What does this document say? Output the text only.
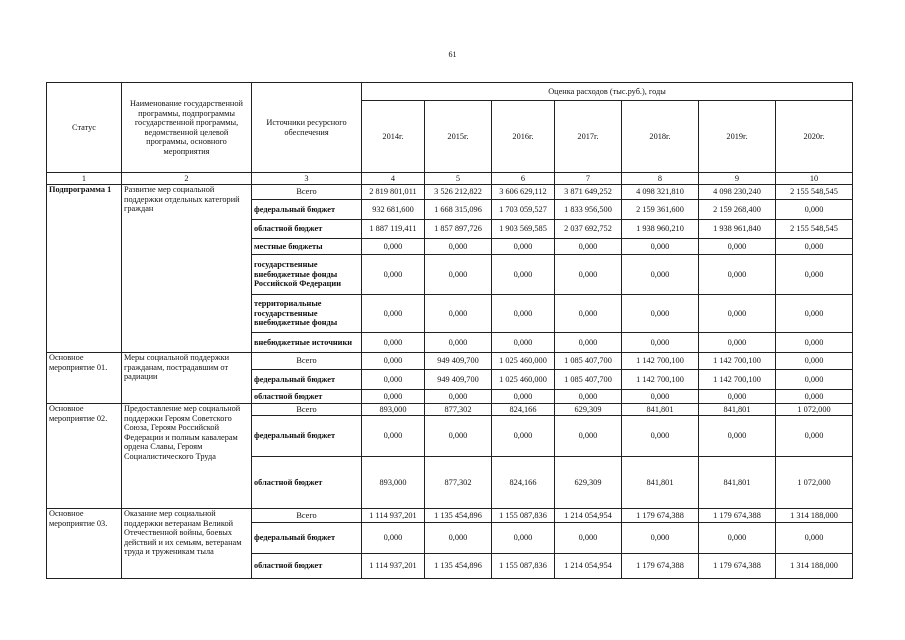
61
Статус	Наименование государственной программы, подпрограммы государственной программы, ведомственной целевой программы, основного мероприятия	Источники ресурсного обеспечения	Оценка расходов (тыс.руб.), годы						
			2014г.	2015г.	2016г.	2017г.	2018г.	2019г.	2020г.
1	2	3	4	5	6	7	8	9	10
Подпрограмма 1	Развитие мер социальной поддержки отдельных категорий граждан	Всего	2 819 801,011	3 526 212,822	3 606 629,112	3 871 649,252	4 098 321,810	4 098 230,240	2 155 548,545
		федеральный бюджет	932 681,600	1 668 315,096	1 703 059,527	1 833 956,500	2 159 361,600	2 159 268,400	0,000
		областной бюджет	1 887 119,411	1 857 897,726	1 903 569,585	2 037 692,752	1 938 960,210	1 938 961,840	2 155 548,545
		местные бюджеты	0,000	0,000	0,000	0,000	0,000	0,000	0,000
		государственные внебюджетные фонды Российской Федерации	0,000	0,000	0,000	0,000	0,000	0,000	0,000
		территориальные государственные внебюджетные фонды	0,000	0,000	0,000	0,000	0,000	0,000	0,000
		внебюджетные источники	0,000	0,000	0,000	0,000	0,000	0,000	0,000
Основное мероприятие 01.	Меры социальной поддержки гражданам, пострадавшим от радиации	Всего	0,000	949 409,700	1 025 460,000	1 085 407,700	1 142 700,100	1 142 700,100	0,000
		федеральный бюджет	0,000	949 409,700	1 025 460,000	1 085 407,700	1 142 700,100	1 142 700,100	0,000
		областной бюджет	0,000	0,000	0,000	0,000	0,000	0,000	0,000
Основное мероприятие 02.	Предоставление мер социальной поддержки Героям Советского Союза, Героям Российской Федерации и полным кавалерам ордена Славы, Героям Социалистического Труда	Всего	893,000	877,302	824,166	629,309	841,801	841,801	1 072,000
		федеральный бюджет	0,000	0,000	0,000	0,000	0,000	0,000	0,000
		областной бюджет	893,000	877,302	824,166	629,309	841,801	841,801	1 072,000
Основное мероприятие 03.	Оказание мер социальной поддержки ветеранам Великой Отечественной войны, боевых действий и их семьям, ветеранам труда и труженикам тыла	Всего	1 114 937,201	1 135 454,896	1 155 087,836	1 214 054,954	1 179 674,388	1 179 674,388	1 314 188,000
		федеральный бюджет	0,000	0,000	0,000	0,000	0,000	0,000	0,000
		областной бюджет	1 114 937,201	1 135 454,896	1 155 087,836	1 214 054,954	1 179 674,388	1 179 674,388	1 314 188,000
